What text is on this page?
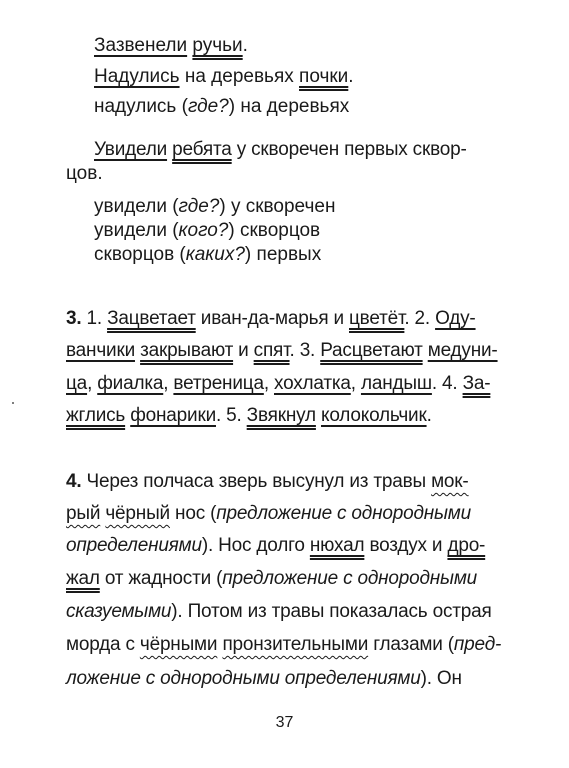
Зазвенели ручьи.
Надулись на деревьях почки.
надулись (где?) на деревьях
Увидели ребята у скворечен первых сквор-
цов.
увидели (где?) у скворечен
увидели (кого?) скворцов
скворцов (каких?) первых
3. 1. Зацветает иван-да-марья и цветёт. 2. Оду-
ванчики закрывают и спят. 3. Расцветают медуни-
ца, фиалка, ветреница, хохлатка, ландыш. 4. За-
жглись фонарики. 5. Звякнул колокольчик.
4. Через полчаса зверь высунул из травы мок-
рый чёрный нос (предложение с однородными
определениями). Нос долго нюхал воздух и дро-
жал от жадности (предложение с однородными
сказуемыми). Потом из травы показалась острая
морда с чёрными пронзительными глазами (пред-
ложение с однородными определениями). Он
37
